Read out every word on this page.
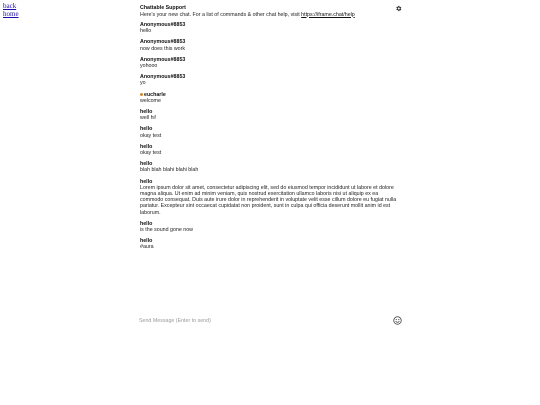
back
home
Chattable Support
Here's your new chat. For a list of commands & other chat help, visit https://iframe.chat/help
Anonymous#8853
hello
Anonymous#8853
now does this work
Anonymous#8853
yohooo
Anonymous#8853
yo
eucharle
welcome
hello
well hi!
hello
okay test
hello
okay test
hello
blah blah blahi blahi blah
hello
Lorem ipsum dolor sit amet, consectetur adipiscing elit, sed do eiusmod tempor incididunt ut labore et dolore magna aliqua. Ut enim ad minim veniam, quis nostrud exercitation ullamco laboris nisi ut aliquip ex ea commodo consequat. Duis aute irure dolor in reprehenderit in voluptate velit esse cillum dolore eu fugiat nulla pariatur. Excepteur sint occaecat cupidatat non proident, sunt in culpa qui officia deserunt mollit anim id est laborum.
hello
is the sound gone now
hello
#aura
Send Message (Enter to send)
